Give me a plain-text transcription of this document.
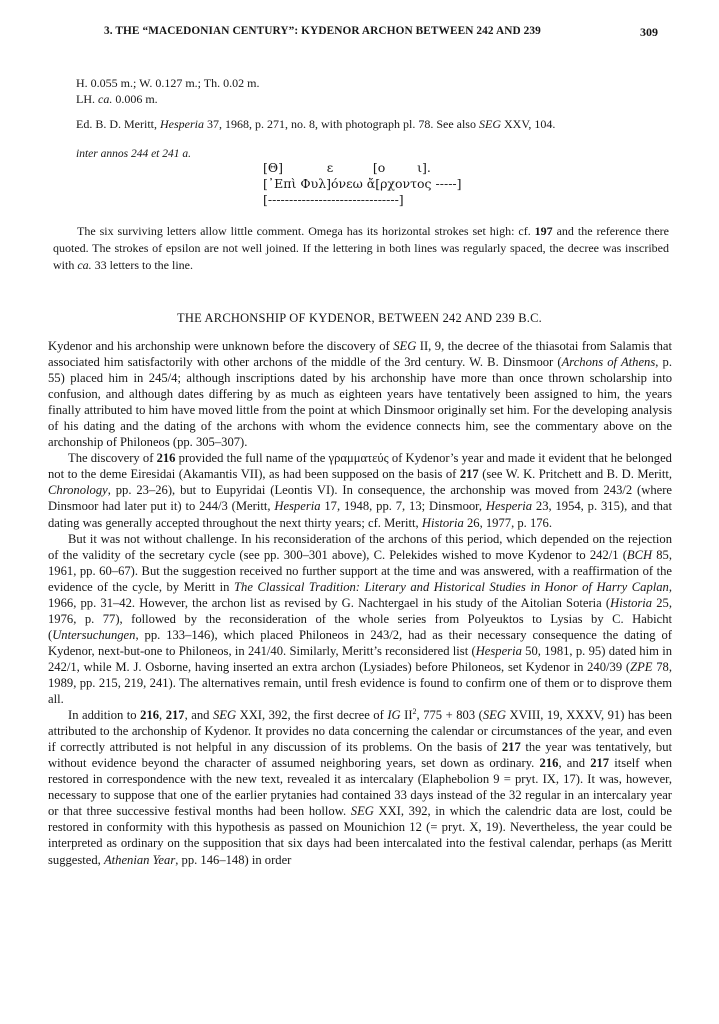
3. THE “MACEDONIAN CENTURY”: KYDENOR ARCHON BETWEEN 242 AND 239	309
H. 0.055 m.; W. 0.127 m.; Th. 0.02 m.
LH. ca. 0.006 m.
Ed. B. D. Meritt, Hesperia 37, 1968, p. 271, no. 8, with photograph pl. 78. See also SEG XXV, 104.
inter annos 244 et 241 a.
[Θ]           ε          [ο        ι].
[᾿Επὶ Φυλ]όνεω ἄ[ρχοντος -----]
[-------------------------------]

The six surviving letters allow little comment. Omega has its horizontal strokes set high: cf. 197 and the reference there quoted. The strokes of epsilon are not well joined. If the lettering in both lines was regularly spaced, the decree was inscribed with ca. 33 letters to the line.

THE ARCHONSHIP OF KYDENOR, BETWEEN 242 AND 239 B.C.

Kydenor and his archonship were unknown before the discovery of SEG II, 9, the decree of the thiasotai from Salamis that associated him satisfactorily with other archons of the middle of the 3rd century. W. B. Dinsmoor (Archons of Athens, p. 55) placed him in 245/4; although inscriptions dated by his archonship have more than once thrown scholarship into confusion, and although dates differing by as much as eighteen years have tentatively been assigned to him, the years finally attributed to him have moved little from the point at which Dinsmoor originally set him. For the developing analysis of his dating and the dating of the archons with whom the evidence connects him, see the commentary above on the archonship of Philoneos (pp. 305–307).

The discovery of 216 provided the full name of the γραμματεύς of Kydenor’s year and made it evident that he belonged not to the deme Eiresidai (Akamantis VII), as had been supposed on the basis of 217 (see W. K. Pritchett and B. D. Meritt, Chronology, pp. 23–26), but to Eupyridai (Leontis VI). In consequence, the archonship was moved from 243/2 (where Dinsmoor had later put it) to 244/3 (Meritt, Hesperia 17, 1948, pp. 7, 13; Dinsmoor, Hesperia 23, 1954, p. 315), and that dating was generally accepted throughout the next thirty years; cf. Meritt, Historia 26, 1977, p. 176.

But it was not without challenge. In his reconsideration of the archons of this period, which depended on the rejection of the validity of the secretary cycle (see pp. 300–301 above), C. Pelekides wished to move Kydenor to 242/1 (BCH 85, 1961, pp. 60–67). But the suggestion received no further support at the time and was answered, with a reaffirmation of the evidence of the cycle, by Meritt in The Classical Tradition: Literary and Historical Studies in Honor of Harry Caplan, 1966, pp. 31–42. However, the archon list as revised by G. Nachtergael in his study of the Aitolian Soteria (Historia 25, 1976, p. 77), followed by the reconsideration of the whole series from Polyeuktos to Lysias by C. Habicht (Untersuchungen, pp. 133–146), which placed Philoneos in 243/2, had as their necessary consequence the dating of Kydenor, next-but-one to Philoneos, in 241/40. Similarly, Meritt’s reconsidered list (Hesperia 50, 1981, p. 95) dated him in 242/1, while M. J. Osborne, having inserted an extra archon (Lysiades) before Philoneos, set Kydenor in 240/39 (ZPE 78, 1989, pp. 215, 219, 241). The alternatives remain, until fresh evidence is found to confirm one of them or to disprove them all.

In addition to 216, 217, and SEG XXI, 392, the first decree of IG $II^2$, 775 + 803 (SEG XVIII, 19, XXXV, 91) has been attributed to the archonship of Kydenor. It provides no data concerning the calendar or circumstances of the year, and even if correctly attributed is not helpful in any discussion of its problems. On the basis of 217 the year was tentatively, but without evidence beyond the character of assumed neighboring years, set down as ordinary. 216, and 217 itself when restored in correspondence with the new text, revealed it as intercalary (Elaphebolion 9 = pryt. IX, 17). It was, however, necessary to suppose that one of the earlier prytanies had contained 33 days instead of the 32 regular in an intercalary year or that three successive festival months had been hollow. SEG XXI, 392, in which the calendric data are lost, could be restored in conformity with this hypothesis as passed on Mounichion 12 (= pryt. X, 19). Nevertheless, the year could be interpreted as ordinary on the supposition that six days had been intercalated into the festival calendar, perhaps (as Meritt suggested, Athenian Year, pp. 146–148) in order
